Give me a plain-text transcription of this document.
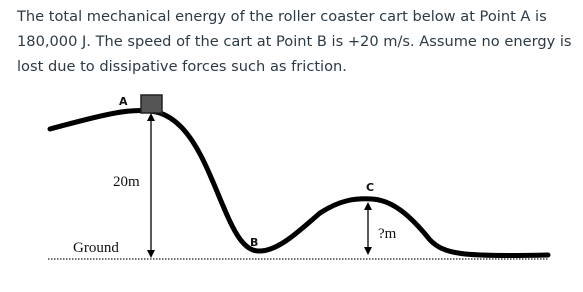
The total mechanical energy of the roller coaster cart below at Point A is 180,000 J. The speed of the cart at Point B is +20 m/s. Assume no energy is lost due to dissipative forces such as friction.
A
B
C
20m
?m
Ground
